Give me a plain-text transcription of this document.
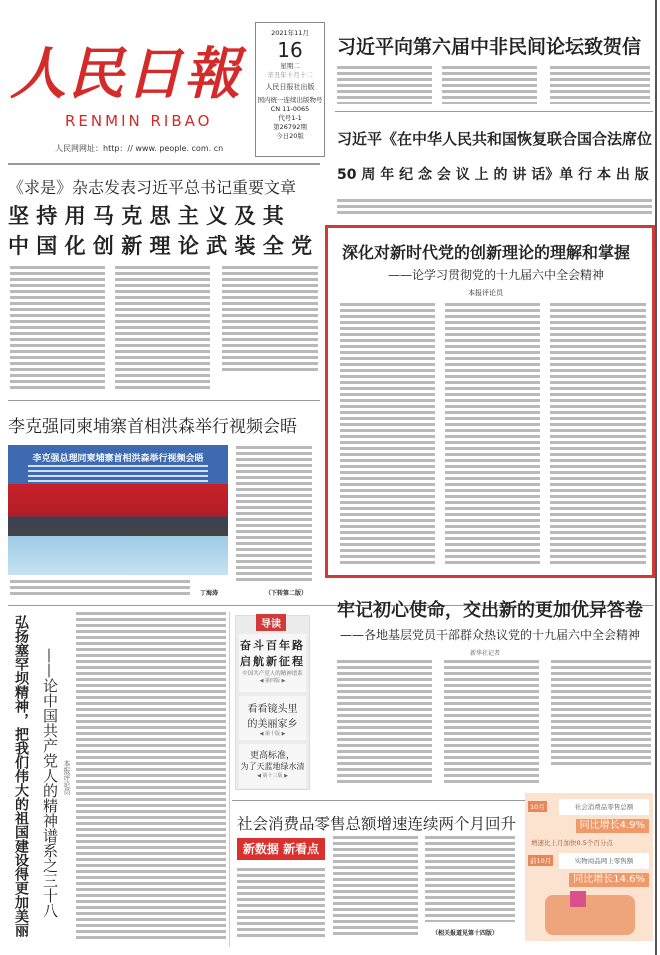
人民日報
RENMIN RIBAO
人民网网址：http：// www. people. com. cn
2021年11月
16
星期二
辛丑年十月十二
人民日报社出版
国内统一连续出版物号
CN 11-0065
代号1-1
第26792期
今日20版
习近平向第六届中非民间论坛致贺信
习近平《在中华人民共和国恢复联合国合法席位
50 周 年 纪 念 会 议 上 的 讲 话》单 行 本 出 版
《求是》杂志发表习近平总书记重要文章
坚 持 用 马 克 思 主 义 及 其
中 国 化 创 新 理 论 武 装 全 党 深化对新时代党的创新理论的理解和掌握
——论学习贯彻党的十九届六中全会精神
本报评论员
李克强同柬埔寨首相洪森举行视频会晤
李克强总理同柬埔寨首相洪森举行视频会晤
丁海涛	（下转第二版）
弘扬塞罕坝精神，把我们伟大的祖国建设得更加美丽 ——论中国共产党人的精神谱系之三十八 本报评论员
导读
奋斗百年路
启航新征程
中国共产党人的精神谱系
◀ 第四版 ▶
看看镜头里
的美丽家乡
◀ 第十版 ▶
更高标准，
为了天蓝地绿水清
◀ 第十三版 ▶
牢记初心使命，交出新的更加优异答卷
——各地基层党员干部群众热议党的十九届六中全会精神
新华社记者
社会消费品零售总额增速连续两个月回升
新数据 新看点
（相关报道见第十四版）
社会消费品零售总额
10月
同比增长4.9%
增速比上月加快0.5个百分点
实物商品网上零售额
前10月
同比增长14.6%
